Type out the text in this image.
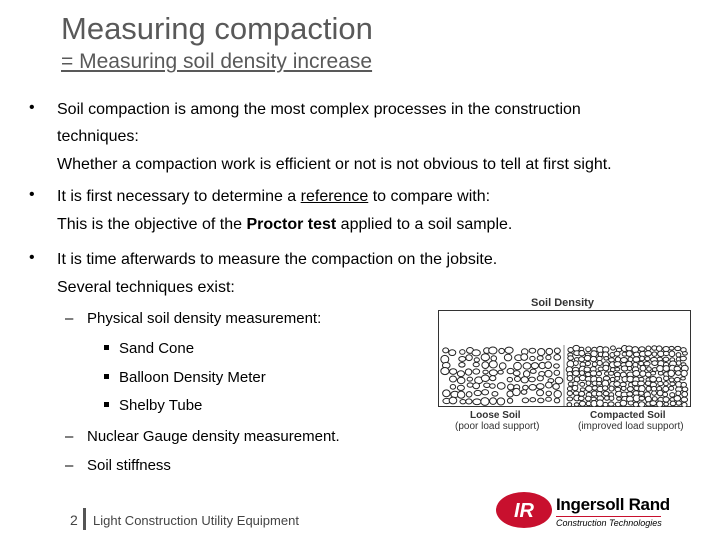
Measuring compaction
= Measuring soil density increase
• Soil compaction is among the most complex processes in the construction
techniques:
Whether a compaction work is efficient or not is not obvious to tell at first sight.
• It is first necessary to determine a reference to compare with:
This is the objective of the Proctor test applied to a soil sample.
• It is time afterwards to measure the compaction on the jobsite.
Several techniques exist:
– Physical soil density measurement:
Sand Cone
Balloon Density Meter
Shelby Tube
– Nuclear Gauge density measurement.
– Soil stiffness
Soil Density
Loose Soil
(poor load support)
Compacted Soil
(improved load support)
2 Light Construction Utility Equipment	IR Ingersoll Rand
Construction Technologies
